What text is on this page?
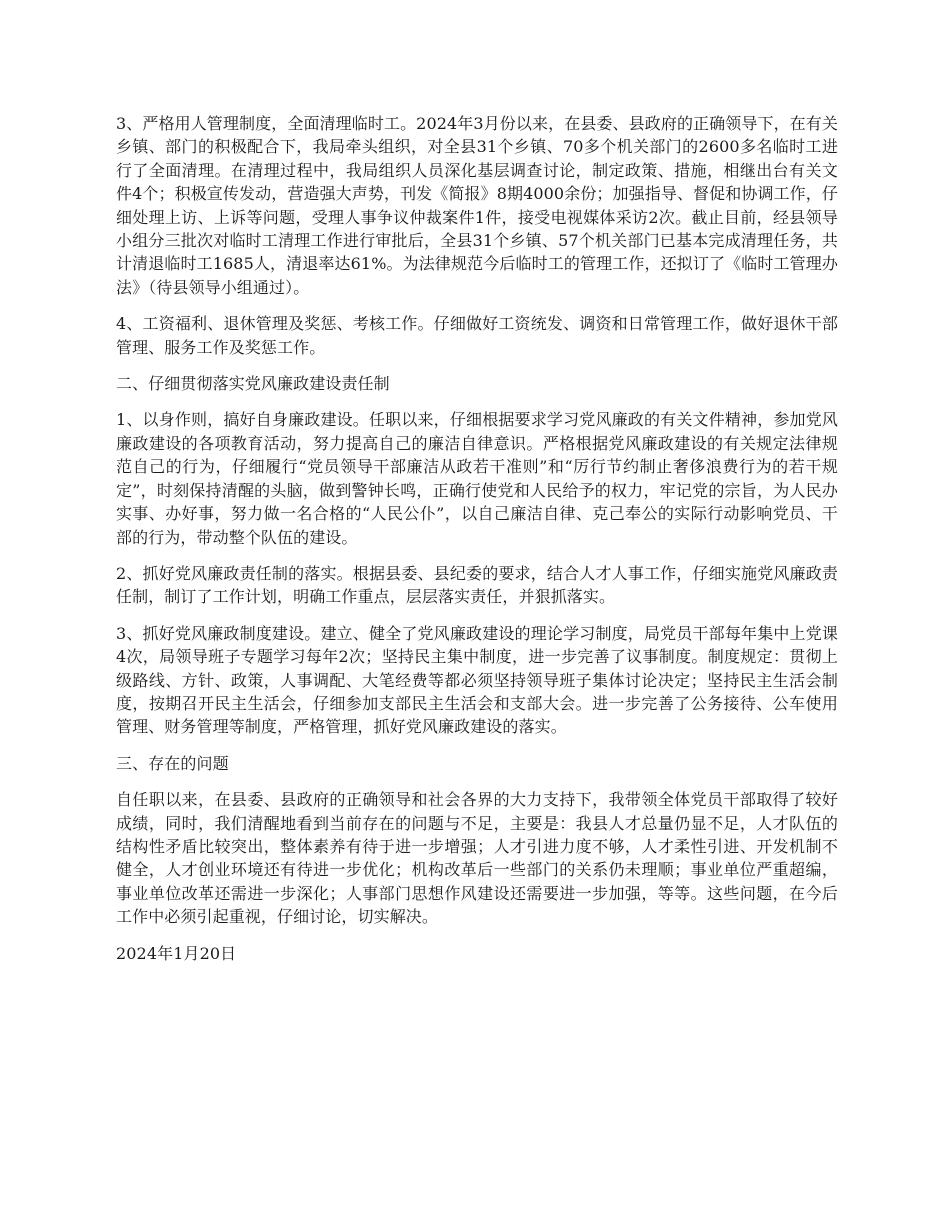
3、严格用人管理制度，全面清理临时工。2024年3月份以来，在县委、县政府的正确领导下，在有关乡镇、部门的积极配合下，我局牵头组织，对全县31个乡镇、70多个机关部门的2600多名临时工进行了全面清理。在清理过程中，我局组织人员深化基层调查讨论，制定政策、措施，相继出台有关文件4个；积极宣传发动，营造强大声势，刊发《简报》8期4000余份；加强指导、督促和协调工作，仔细处理上访、上诉等问题，受理人事争议仲裁案件1件，接受电视媒体采访2次。截止目前，经县领导小组分三批次对临时工清理工作进行审批后，全县31个乡镇、57个机关部门已基本完成清理任务，共计清退临时工1685人，清退率达61%。为法律规范今后临时工的管理工作，还拟订了《临时工管理办法》（待县领导小组通过）。

4、工资福利、退休管理及奖惩、考核工作。仔细做好工资统发、调资和日常管理工作，做好退休干部管理、服务工作及奖惩工作。

二、仔细贯彻落实党风廉政建设责任制

1、以身作则，搞好自身廉政建设。任职以来，仔细根据要求学习党风廉政的有关文件精神，参加党风廉政建设的各项教育活动，努力提高自己的廉洁自律意识。严格根据党风廉政建设的有关规定法律规范自己的行为，仔细履行“党员领导干部廉洁从政若干准则”和“厉行节约制止奢侈浪费行为的若干规定”，时刻保持清醒的头脑，做到警钟长鸣，正确行使党和人民给予的权力，牢记党的宗旨，为人民办实事、办好事，努力做一名合格的“人民公仆”，以自己廉洁自律、克己奉公的实际行动影响党员、干部的行为，带动整个队伍的建设。

2、抓好党风廉政责任制的落实。根据县委、县纪委的要求，结合人才人事工作，仔细实施党风廉政责任制，制订了工作计划，明确工作重点，层层落实责任，并狠抓落实。

3、抓好党风廉政制度建设。建立、健全了党风廉政建设的理论学习制度，局党员干部每年集中上党课4次，局领导班子专题学习每年2次；坚持民主集中制度，进一步完善了议事制度。制度规定：贯彻上级路线、方针、政策，人事调配、大笔经费等都必须坚持领导班子集体讨论决定；坚持民主生活会制度，按期召开民主生活会，仔细参加支部民主生活会和支部大会。进一步完善了公务接待、公车使用管理、财务管理等制度，严格管理，抓好党风廉政建设的落实。

三、存在的问题

自任职以来，在县委、县政府的正确领导和社会各界的大力支持下，我带领全体党员干部取得了较好成绩，同时，我们清醒地看到当前存在的问题与不足，主要是：我县人才总量仍显不足，人才队伍的结构性矛盾比较突出，整体素养有待于进一步增强；人才引进力度不够，人才柔性引进、开发机制不健全，人才创业环境还有待进一步优化；机构改革后一些部门的关系仍未理顺；事业单位严重超编，事业单位改革还需进一步深化；人事部门思想作风建设还需要进一步加强，等等。这些问题，在今后工作中必须引起重视，仔细讨论，切实解决。

2024年1月20日
